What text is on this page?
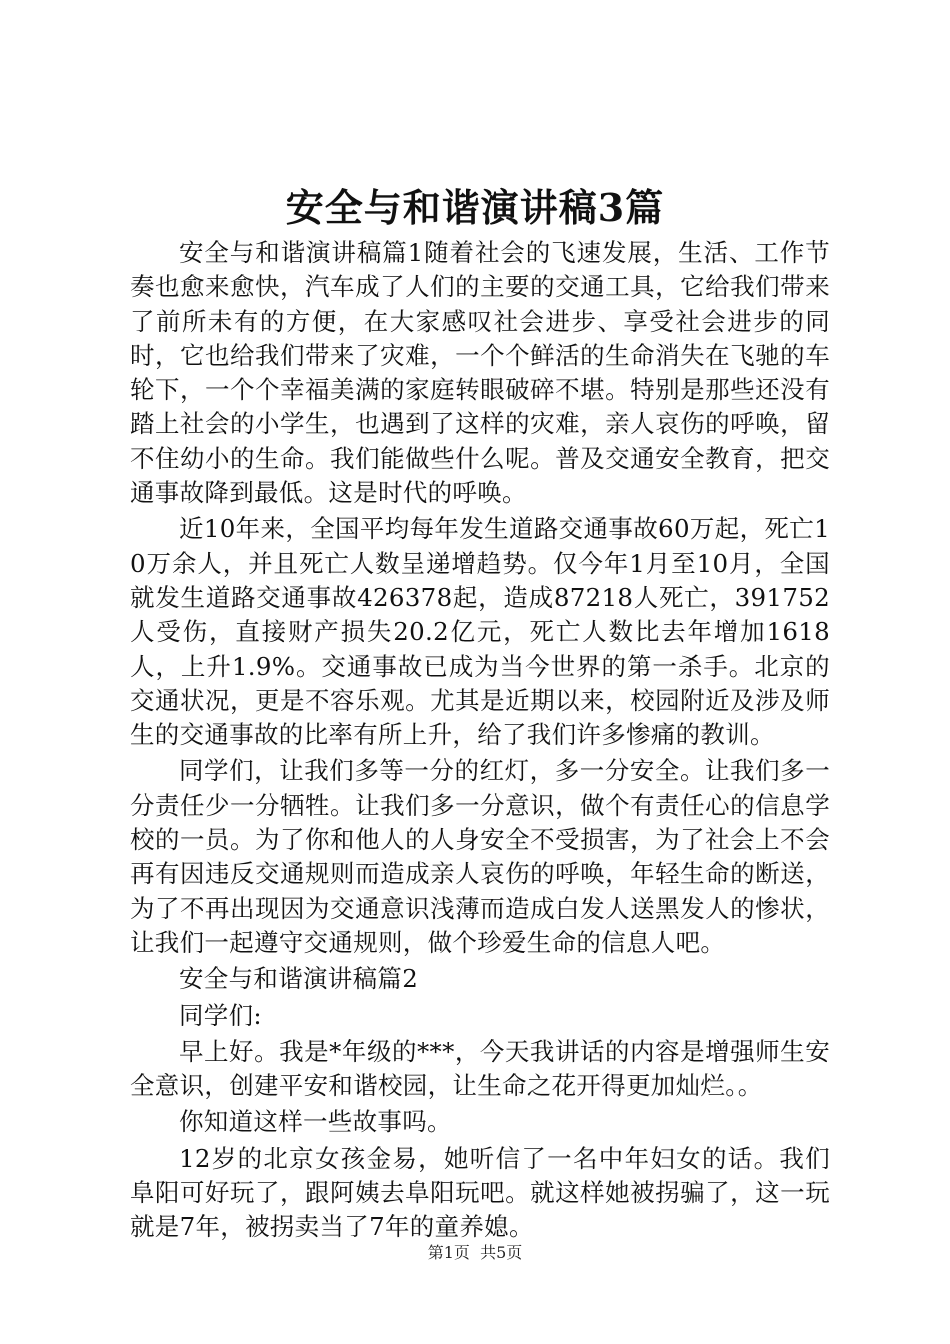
安全与和谐演讲稿3篇

安全与和谐演讲稿篇1随着社会的飞速发展，生活、工作节奏也愈来愈快，汽车成了人们的主要的交通工具，它给我们带来了前所未有的方便，在大家感叹社会进步、享受社会进步的同时，它也给我们带来了灾难，一个个鲜活的生命消失在飞驰的车轮下，一个个幸福美满的家庭转眼破碎不堪。特别是那些还没有踏上社会的小学生，也遇到了这样的灾难，亲人哀伤的呼唤，留不住幼小的生命。我们能做些什么呢。普及交通安全教育，把交通事故降到最低。这是时代的呼唤。

近10年来，全国平均每年发生道路交通事故60万起，死亡10万余人，并且死亡人数呈递增趋势。仅今年1月至10月，全国就发生道路交通事故426378起，造成87218人死亡，391752人受伤，直接财产损失20.2亿元，死亡人数比去年增加1618人，上升1.9%。交通事故已成为当今世界的第一杀手。北京的交通状况，更是不容乐观。尤其是近期以来，校园附近及涉及师生的交通事故的比率有所上升，给了我们许多惨痛的教训。

同学们，让我们多等一分的红灯，多一分安全。让我们多一分责任少一分牺牲。让我们多一分意识，做个有责任心的信息学校的一员。为了你和他人的人身安全不受损害，为了社会上不会再有因违反交通规则而造成亲人哀伤的呼唤，年轻生命的断送，为了不再出现因为交通意识浅薄而造成白发人送黑发人的惨状，让我们一起遵守交通规则，做个珍爱生命的信息人吧。

安全与和谐演讲稿篇2

同学们:

早上好。我是*年级的***，今天我讲话的内容是增强师生安全意识，创建平安和谐校园，让生命之花开得更加灿烂。。

你知道这样一些故事吗。

12岁的北京女孩金易，她听信了一名中年妇女的话。我们阜阳可好玩了，跟阿姨去阜阳玩吧。就这样她被拐骗了，这一玩就是7年，被拐卖当了7年的童养媳。

第1页 共5页
